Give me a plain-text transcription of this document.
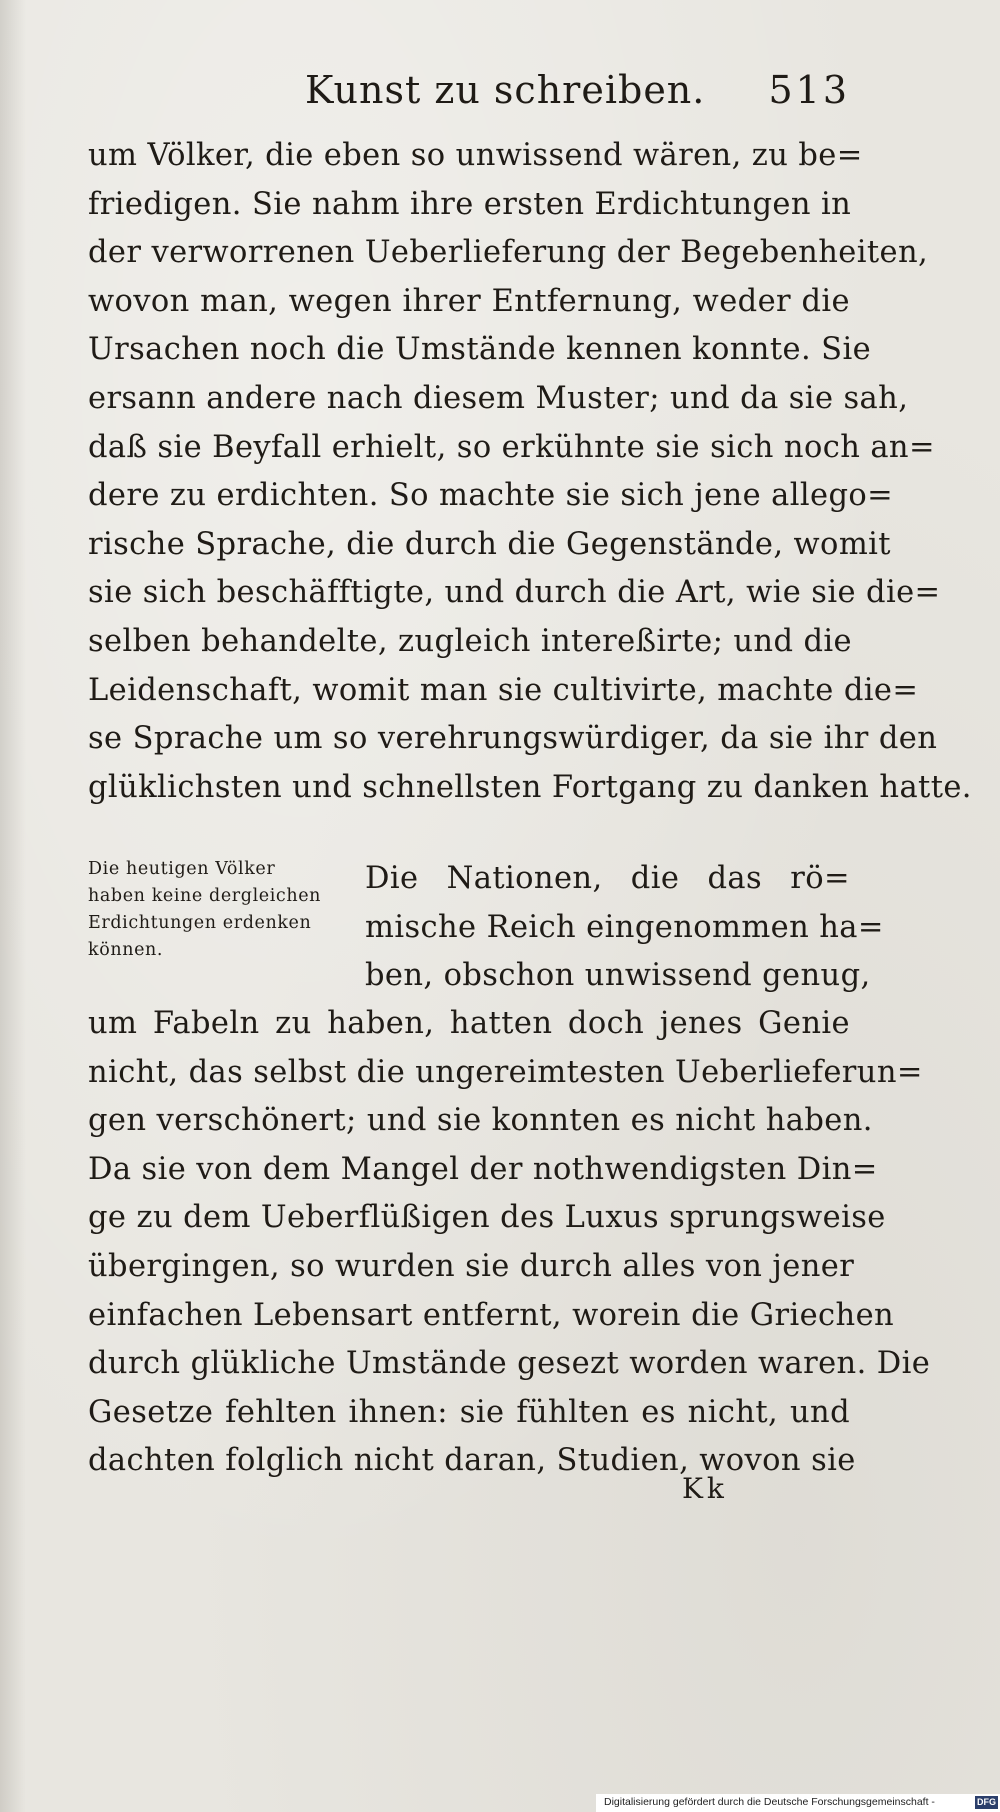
Kunst zu schreiben. 513
um Völker, die eben so unwissend wären, zu be=
friedigen. Sie nahm ihre ersten Erdichtungen in
der verworrenen Ueberlieferung der Begebenheiten,
wovon man, wegen ihrer Entfernung, weder die
Ursachen noch die Umstände kennen konnte. Sie
ersann andere nach diesem Muster; und da sie sah,
daß sie Beyfall erhielt, so erkühnte sie sich noch an=
dere zu erdichten. So machte sie sich jene allego=
rische Sprache, die durch die Gegenstände, womit
sie sich beschäfftigte, und durch die Art, wie sie die=
selben behandelte, zugleich intereßirte; und die
Leidenschaft, womit man sie cultivirte, machte die=
se Sprache um so verehrungswürdiger, da sie ihr den
glüklichsten und schnellsten Fortgang zu danken hatte.
Die heutigen Völker
haben keine dergleichen
Erdichtungen erdenken
können.
Die Nationen, die das rö=
mische Reich eingenommen ha=
ben, obschon unwissend genug,
um Fabeln zu haben, hatten doch jenes Genie
nicht, das selbst die ungereimtesten Ueberlieferun=
gen verschönert; und sie konnten es nicht haben.
Da sie von dem Mangel der nothwendigsten Din=
ge zu dem Ueberflüßigen des Luxus sprungsweise
übergingen, so wurden sie durch alles von jener
einfachen Lebensart entfernt, worein die Griechen
durch glükliche Umstände gesezt worden waren. Die
Gesetze fehlten ihnen: sie fühlten es nicht, und
dachten folglich nicht daran, Studien, wovon sie
Kk
Digitalisierung gefördert durch die Deutsche Forschungsgemeinschaft -	DFG
